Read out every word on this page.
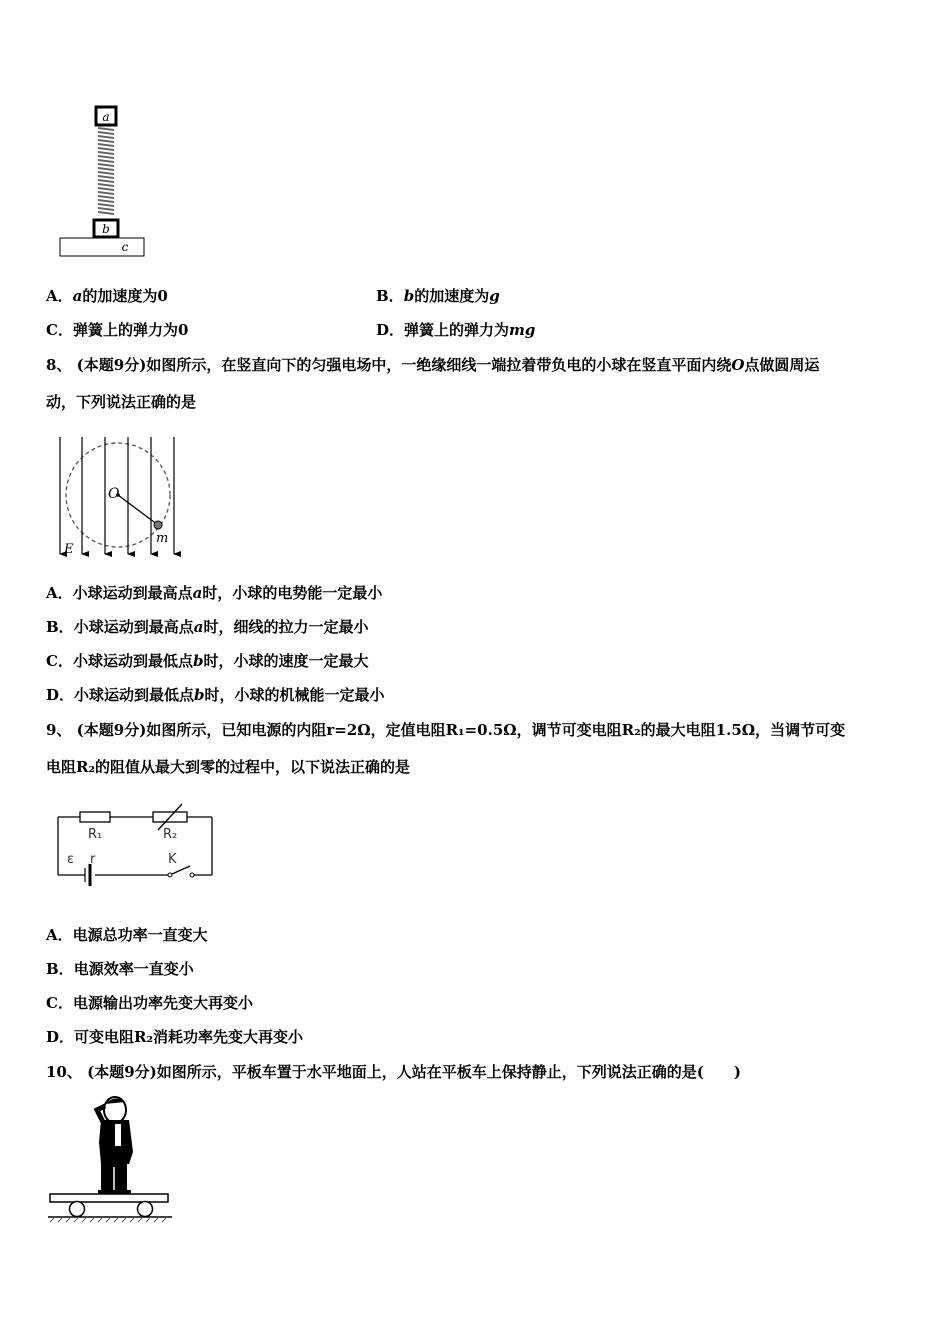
a
b
c
A．a的加速度为0	B．b的加速度为g
C．弹簧上的弹力为0	D．弹簧上的弹力为mg
8、 (本题9分)如图所示，在竖直向下的匀强电场中，一绝缘细线一端拉着带负电的小球在竖直平面内绕O点做圆周运
动，下列说法正确的是
O
E
m
A．小球运动到最高点a时，小球的电势能一定最小
B．小球运动到最高点a时，细线的拉力一定最小
C．小球运动到最低点b时，小球的速度一定最大
D．小球运动到最低点b时，小球的机械能一定最小
9、 (本题9分)如图所示，已知电源的内阻r=2Ω，定值电阻R₁=0.5Ω，调节可变电阻R₂的最大电阻1.5Ω，当调节可变
电阻R₂的阻值从最大到零的过程中，以下说法正确的是
R₁	R₂
ε r	K
A．电源总功率一直变大
B．电源效率一直变小
C．电源输出功率先变大再变小
D．可变电阻R₂消耗功率先变大再变小
10、 (本题9分)如图所示，平板车置于水平地面上，人站在平板车上保持静止，下列说法正确的是(　　)
